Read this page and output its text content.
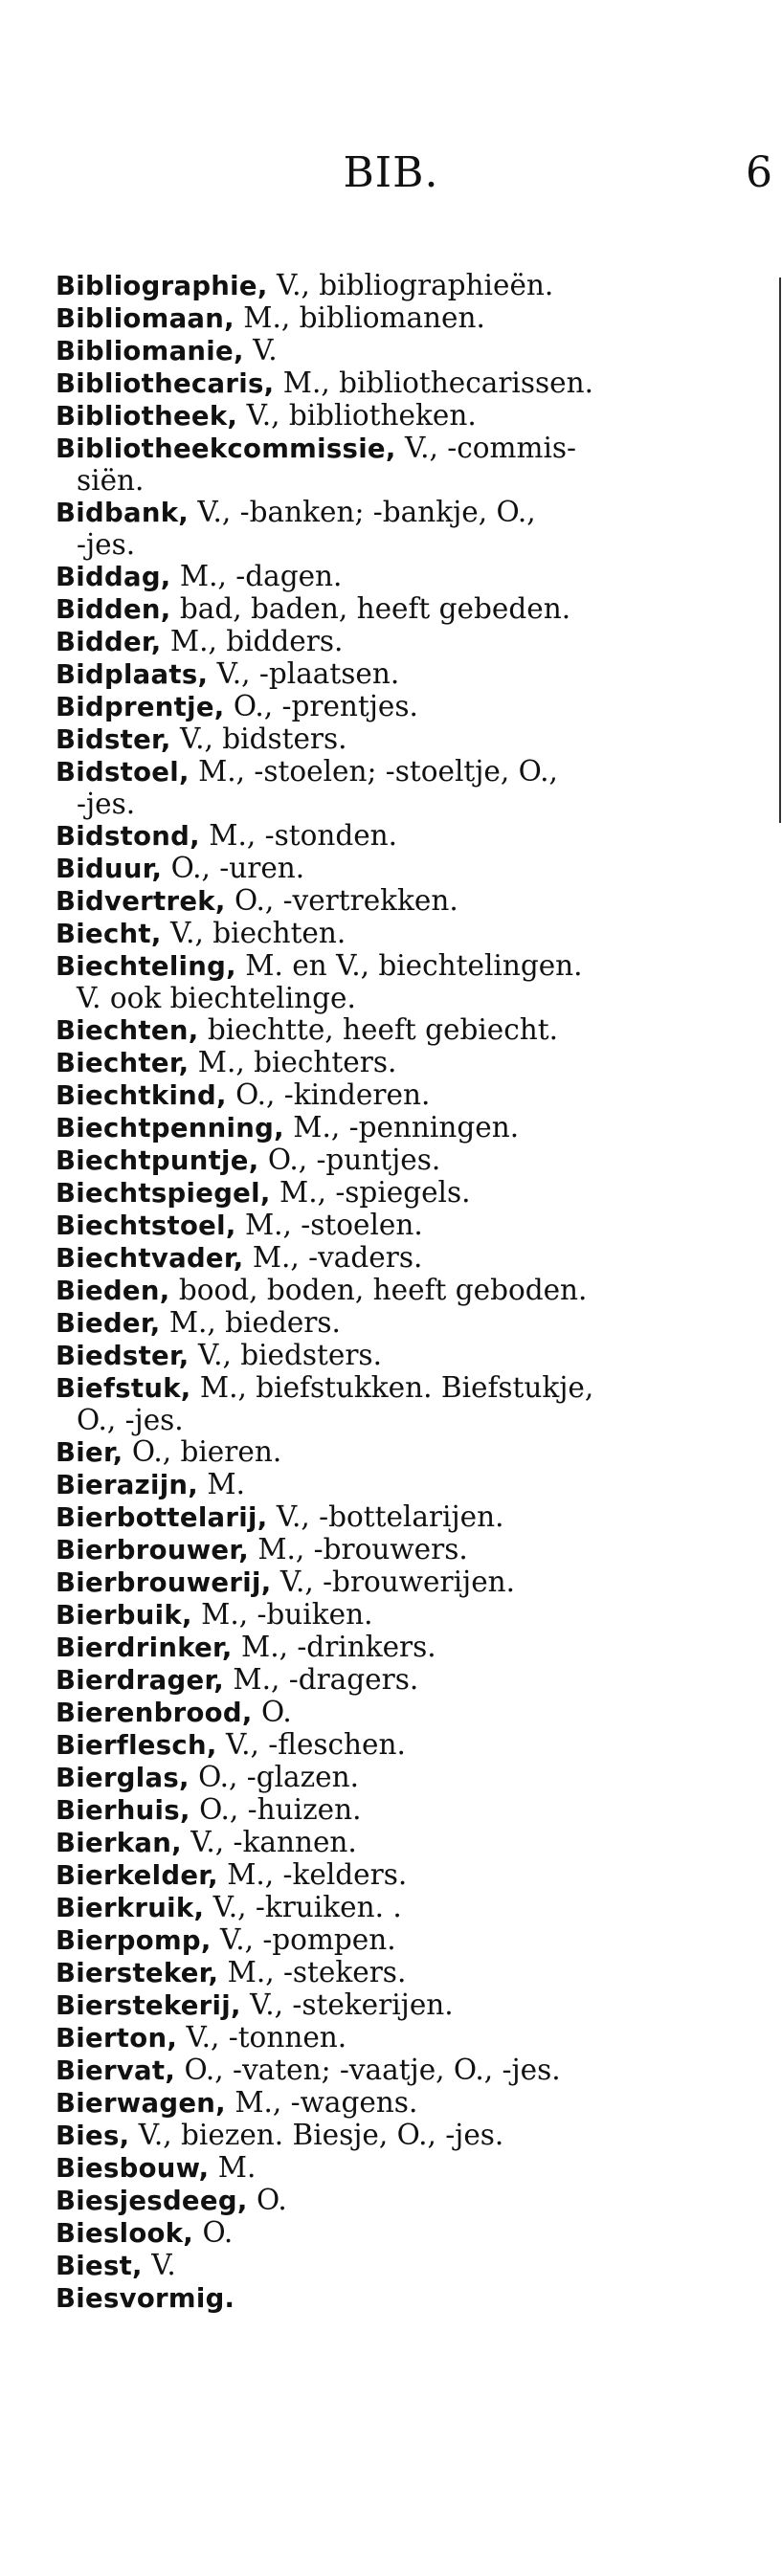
BIB.	6
Bibliographie, V., bibliographieën.
Bibliomaan, M., bibliomanen.
Bibliomanie, V.
Bibliothecaris, M., bibliothecarissen.
Bibliotheek, V., bibliotheken.
Bibliotheekcommissie, V., -commis-
siën.
Bidbank, V., -banken; -bankje, O.,
-jes.
Biddag, M., -dagen.
Bidden, bad, baden, heeft gebeden.
Bidder, M., bidders.
Bidplaats, V., -plaatsen.
Bidprentje, O., -prentjes.
Bidster, V., bidsters.
Bidstoel, M., -stoelen; -stoeltje, O.,
-jes.
Bidstond, M., -stonden.
Biduur, O., -uren.
Bidvertrek, O., -vertrekken.
Biecht, V., biechten.
Biechteling, M. en V., biechtelingen.
V. ook biechtelinge.
Biechten, biechtte, heeft gebiecht.
Biechter, M., biechters.
Biechtkind, O., -kinderen.
Biechtpenning, M., -penningen.
Biechtpuntje, O., -puntjes.
Biechtspiegel, M., -spiegels.
Biechtstoel, M., -stoelen.
Biechtvader, M., -vaders.
Bieden, bood, boden, heeft geboden.
Bieder, M., bieders.
Biedster, V., biedsters.
Biefstuk, M., biefstukken. Biefstukje,
O., -jes.
Bier, O., bieren.
Bierazijn, M.
Bierbottelarij, V., -bottelarijen.
Bierbrouwer, M., -brouwers.
Bierbrouwerij, V., -brouwerijen.
Bierbuik, M., -buiken.
Bierdrinker, M., -drinkers.
Bierdrager, M., -dragers.
Bierenbrood, O.
Bierflesch, V., -fleschen.
Bierglas, O., -glazen.
Bierhuis, O., -huizen.
Bierkan, V., -kannen.
Bierkelder, M., -kelders.
Bierkruik, V., -kruiken. .
Bierpomp, V., -pompen.
Biersteker, M., -stekers.
Bierstekerij, V., -stekerijen.
Bierton, V., -tonnen.
Biervat, O., -vaten; -vaatje, O., -jes.
Bierwagen, M., -wagens.
Bies, V., biezen. Biesje, O., -jes.
Biesbouw, M.
Biesjesdeeg, O.
Bieslook, O.
Biest, V.
Biesvormig.
